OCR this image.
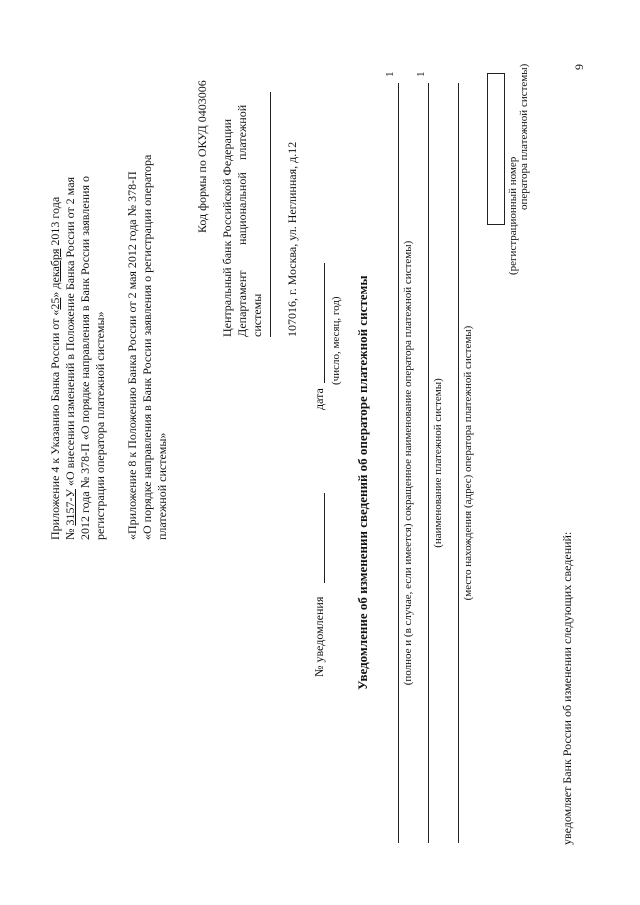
Приложение 4 к Указанию Банка России от «25» декабря 2013 года
№ 3157-У «О внесении изменений в Положение Банка России от 2 мая 2012 года № 378-П «О порядке направления в Банк России заявления о регистрации оператора платежной системы» «Приложение 8 к Положению Банка России от 2 мая 2012 года № 378-П «О порядке направления в Банк России заявления о регистрации оператора платежной системы»
Код формы по ОКУД 0403006 Центральный банк Российской Федерации Департамент
национальной
платежной
системы 107016, г. Москва, ул. Неглинная, д.12
№ уведомления
дата
(число, месяц, год) Уведомление об изменении сведений об операторе платежной системы
1
(полное и (в случае, если имеется) сокращенное наименование оператора платежной системы)
1
(наименование платежной системы) (место нахождения (адрес) оператора платежной системы)
(регистрационный номер
оператора платежной системы)
уведомляет Банк России об изменении следующих сведений:
9
